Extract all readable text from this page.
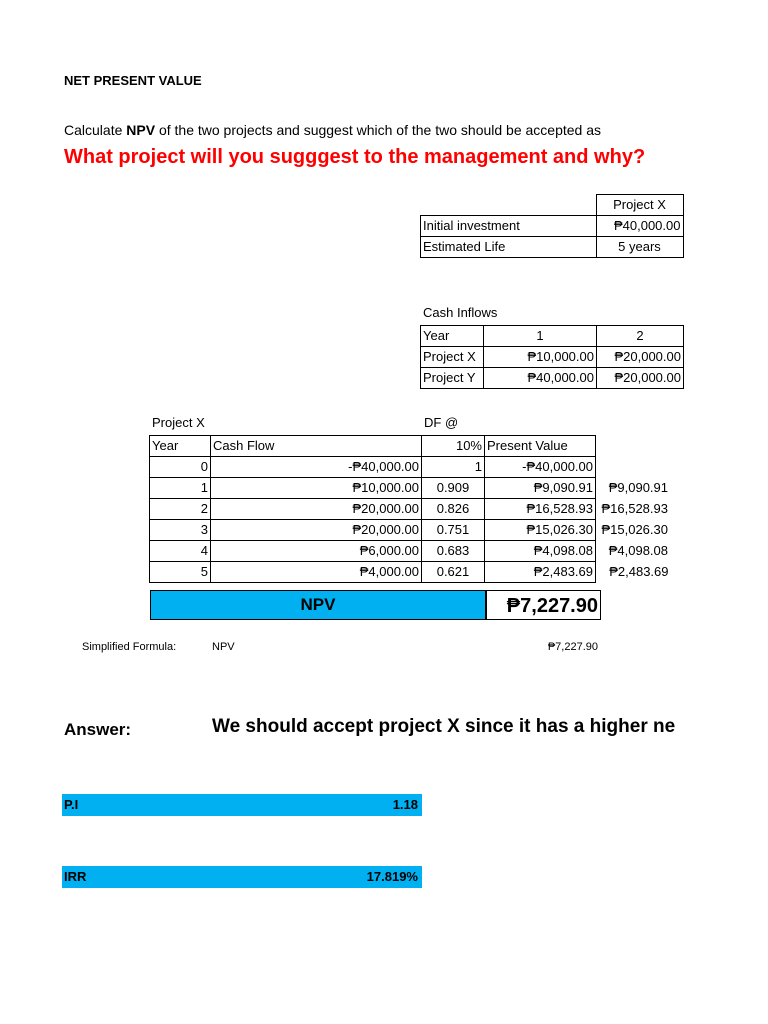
NET PRESENT VALUE
Calculate NPV of the two projects and suggest which of the two should be accepted as
What project will you sugggest to the management and why?
	Project X
Initial investment	₱40,000.00
Estimated Life	5 years
Cash Inflows
Year	1	2
Project X	₱10,000.00	₱20,000.00
Project Y	₱40,000.00	₱20,000.00
Project X	DF @
Year	Cash Flow	10%	Present Value	
0	-₱40,000.00	1	-₱40,000.00	
1	₱10,000.00	0.909	₱9,090.91	₱9,090.91
2	₱20,000.00	0.826	₱16,528.93	₱16,528.93
3	₱20,000.00	0.751	₱15,026.30	₱15,026.30
4	₱6,000.00	0.683	₱4,098.08	₱4,098.08
5	₱4,000.00	0.621	₱2,483.69	₱2,483.69
NPV	₱7,227.90
Simplified Formula:	NPV	₱7,227.90
Answer:	We should accept project X since it has a higher ne
P.I	1.18
IRR	17.819%
